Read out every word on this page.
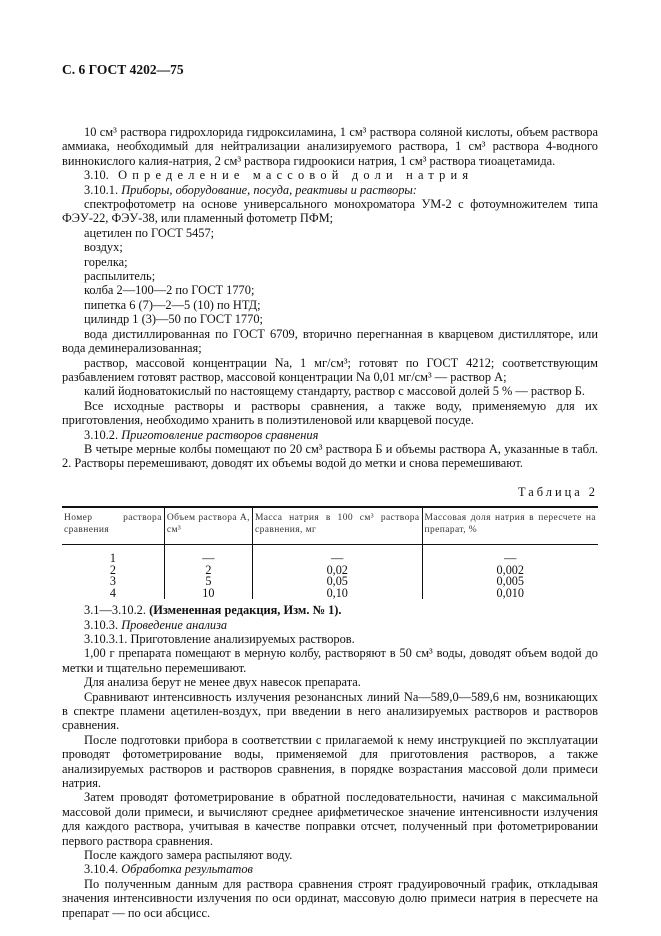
С. 6 ГОСТ 4202—75

10 см³ раствора гидрохлорида гидроксиламина, 1 см³ раствора соляной кислоты, объем раствора аммиака, необходимый для нейтрализации анализируемого раствора, 1 см³ раствора 4-водного виннокислого калия-натрия, 2 см³ раствора гидроокиси натрия, 1 см³ раствора тиоацетамида.

3.10. Определение массовой доли натрия

3.10.1. Приборы, оборудование, посуда, реактивы и растворы:

спектрофотометр на основе универсального монохроматора УМ-2 с фотоумножителем типа ФЭУ-22, ФЭУ-38, или пламенный фотометр ПФМ;

ацетилен по ГОСТ 5457;

воздух;

горелка;

распылитель;

колба 2—100—2 по ГОСТ 1770;

пипетка 6 (7)—2—5 (10) по НТД;

цилиндр 1 (3)—50 по ГОСТ 1770;

вода дистиллированная по ГОСТ 6709, вторично перегнанная в кварцевом дистилляторе, или вода деминерализованная;

раствор, массовой концентрации Na, 1 мг/см³; готовят по ГОСТ 4212; соответствующим разбавлением готовят раствор, массовой концентрации Na 0,01 мг/см³ — раствор А;

калий йодноватокислый по настоящему стандарту, раствор с массовой долей 5 % — раствор Б.

Все исходные растворы и растворы сравнения, а также воду, применяемую для их приготовления, необходимо хранить в полиэтиленовой или кварцевой посуде.

3.10.2. Приготовление растворов сравнения

В четыре мерные колбы помещают по 20 см³ раствора Б и объемы раствора А, указанные в табл. 2. Растворы перемешивают, доводят их объемы водой до метки и снова перемешивают.

Таблица 2
Номер раствора сравнения	Объем раствора А, см³	Масса натрия в 100 см³ раствора сравнения, мг	Массовая доля натрия в пересчете на препарат, %
1	—	—	—
2	2	0,02	0,002
3	5	0,05	0,005
4	10	0,10	0,010

3.1—3.10.2. (Измененная редакция, Изм. № 1).

3.10.3. Проведение анализа

3.10.3.1. Приготовление анализируемых растворов.

1,00 г препарата помещают в мерную колбу, растворяют в 50 см³ воды, доводят объем водой до метки и тщательно перемешивают.

Для анализа берут не менее двух навесок препарата.

Сравнивают интенсивность излучения резонансных линий Na—589,0—589,6 нм, возникающих в спектре пламени ацетилен-воздух, при введении в него анализируемых растворов и растворов сравнения.

После подготовки прибора в соответствии с прилагаемой к нему инструкцией по эксплуатации проводят фотометрирование воды, применяемой для приготовления растворов, а также анализируемых растворов и растворов сравнения, в порядке возрастания массовой доли примеси натрия.

Затем проводят фотометрирование в обратной последовательности, начиная с максимальной массовой доли примеси, и вычисляют среднее арифметическое значение интенсивности излучения для каждого раствора, учитывая в качестве поправки отсчет, полученный при фотометрировании первого раствора сравнения.

После каждого замера распыляют воду.

3.10.4. Обработка результатов

По полученным данным для раствора сравнения строят градуировочный график, откладывая значения интенсивности излучения по оси ординат, массовую долю примеси натрия в пересчете на препарат — по оси абсцисс.
